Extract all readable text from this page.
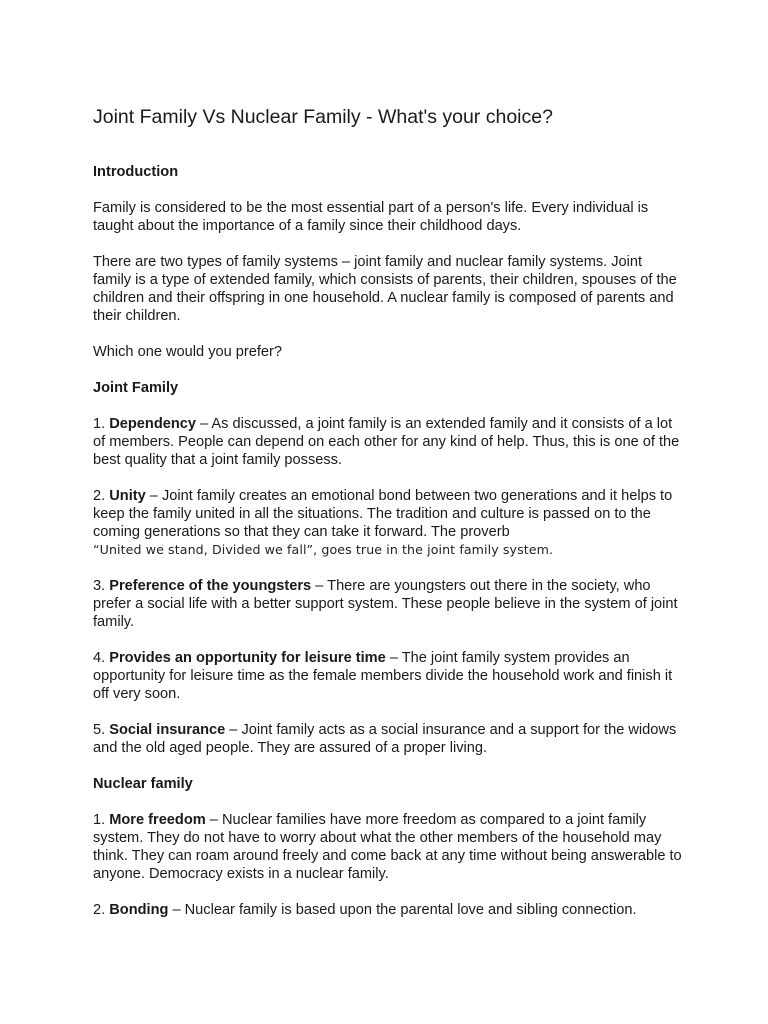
Joint Family Vs Nuclear Family - What's your choice?
Introduction

Family is considered to be the most essential part of a person's life. Every individual is taught about the importance of a family since their childhood days.

There are two types of family systems – joint family and nuclear family systems. Joint family is a type of extended family, which consists of parents, their children, spouses of the children and their offspring in one household. A nuclear family is composed of parents and their children.

Which one would you prefer?

Joint Family

1. Dependency – As discussed, a joint family is an extended family and it consists of a lot of members. People can depend on each other for any kind of help. Thus, this is one of the best quality that a joint family possess.

2. Unity – Joint family creates an emotional bond between two generations and it helps to keep the family united in all the situations. The tradition and culture is passed on to the coming generations so that they can take it forward. The proverb
“United we stand, Divided we fall”, goes true in the joint family system.

3. Preference of the youngsters – There are youngsters out there in the society, who prefer a social life with a better support system. These people believe in the system of joint family.

4. Provides an opportunity for leisure time – The joint family system provides an opportunity for leisure time as the female members divide the household work and finish it off very soon.

5. Social insurance – Joint family acts as a social insurance and a support for the widows and the old aged people. They are assured of a proper living.

Nuclear family

1. More freedom – Nuclear families have more freedom as compared to a joint family system. They do not have to worry about what the other members of the household may think. They can roam around freely and come back at any time without being answerable to anyone. Democracy exists in a nuclear family.

2. Bonding – Nuclear family is based upon the parental love and sibling connection.
